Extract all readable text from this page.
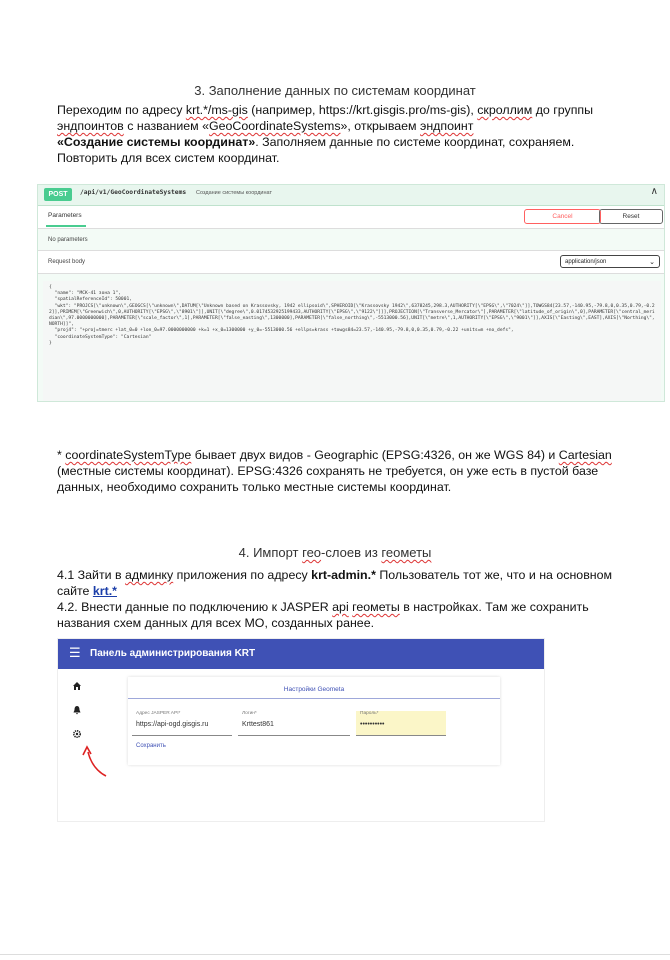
3. Заполнение данных по системам координат
Переходим по адресу krt.*/ms-gis (например, https://krt.gisgis.pro/ms-gis), скроллим до группы эндпоинтов с названием «GeoCoordinateSystems», открываем эндпоинт
«Создание системы координат». Заполняем данные по системе координат, сохраняем.
Повторить для всех систем координат.
POST	/api/v1/GeoCoordinateSystems Создание системы координат	∧
Parameters	Cancel	Reset
No parameters
Request body	application/json	⌄
{
"name": "МСК-41 зона 1",
"spatialReferenceId": 50001,
"wkt": "PROJCS[\"unknown\",GEOGCS[\"unknown\",DATUM[\"Unknown based on Krassovsky, 1942 ellipsoid\",SPHEROID[\"Krassovsky 1942\",6378245,298.3,AUTHORITY[\"EPSG\",\"7024\"]],TOWGS84[23.57,-140.95,-79.8,0,0.35,0.79,-0.22]],PRIMEM[\"Greenwich\",0,AUTHORITY[\"EPSG\",\"8901\"]],UNIT[\"degree\",0.0174532925199433,AUTHORITY[\"EPSG\",\"9122\"]]],PROJECTION[\"Transverse_Mercator\"],PARAMETER[\"latitude_of_origin\",0],PARAMETER[\"central_meridian\",97.0000000000],PARAMETER[\"scale_factor\",1],PARAMETER[\"false_easting\",1300000],PARAMETER[\"false_northing\",-5513000.56],UNIT[\"metre\",1,AUTHORITY[\"EPSG\",\"9001\"]],AXIS[\"Easting\",EAST],AXIS[\"Northing\",NORTH]]",
"proj4": "+proj=tmerc +lat_0=0 +lon_0=97.0000000000 +k=1 +x_0=1300000 +y_0=-5513000.56 +ellps=krass +towgs84=23.57,-140.95,-79.8,0,0.35,0.79,-0.22 +units=m +no_defs",
"coordinateSystemType": "Cartesian"
}
* coordinateSystemType бывает двух видов - Geographic (EPSG:4326, он же WGS 84) и Cartesian (местные системы координат). EPSG:4326 сохранять не требуется, он уже есть в пустой базе данных, необходимо сохранить только местные системы координат.
4. Импорт гео-слоев из геометы
4.1 Зайти в админку приложения по адресу krt-admin.* Пользователь тот же, что и на основном сайте krt.*
4.2. Внести данные по подключению к JASPER api геометы в настройках. Там же сохранить названия схем данных для всех МО, созданных ранее.
☰ Панель администрирования KRT
Настройки Geometa
Адрес JASPER API*
https://api-ogd.gisgis.ru
Логин*
Krttest861
Пароль*
••••••••••
Сохранить
